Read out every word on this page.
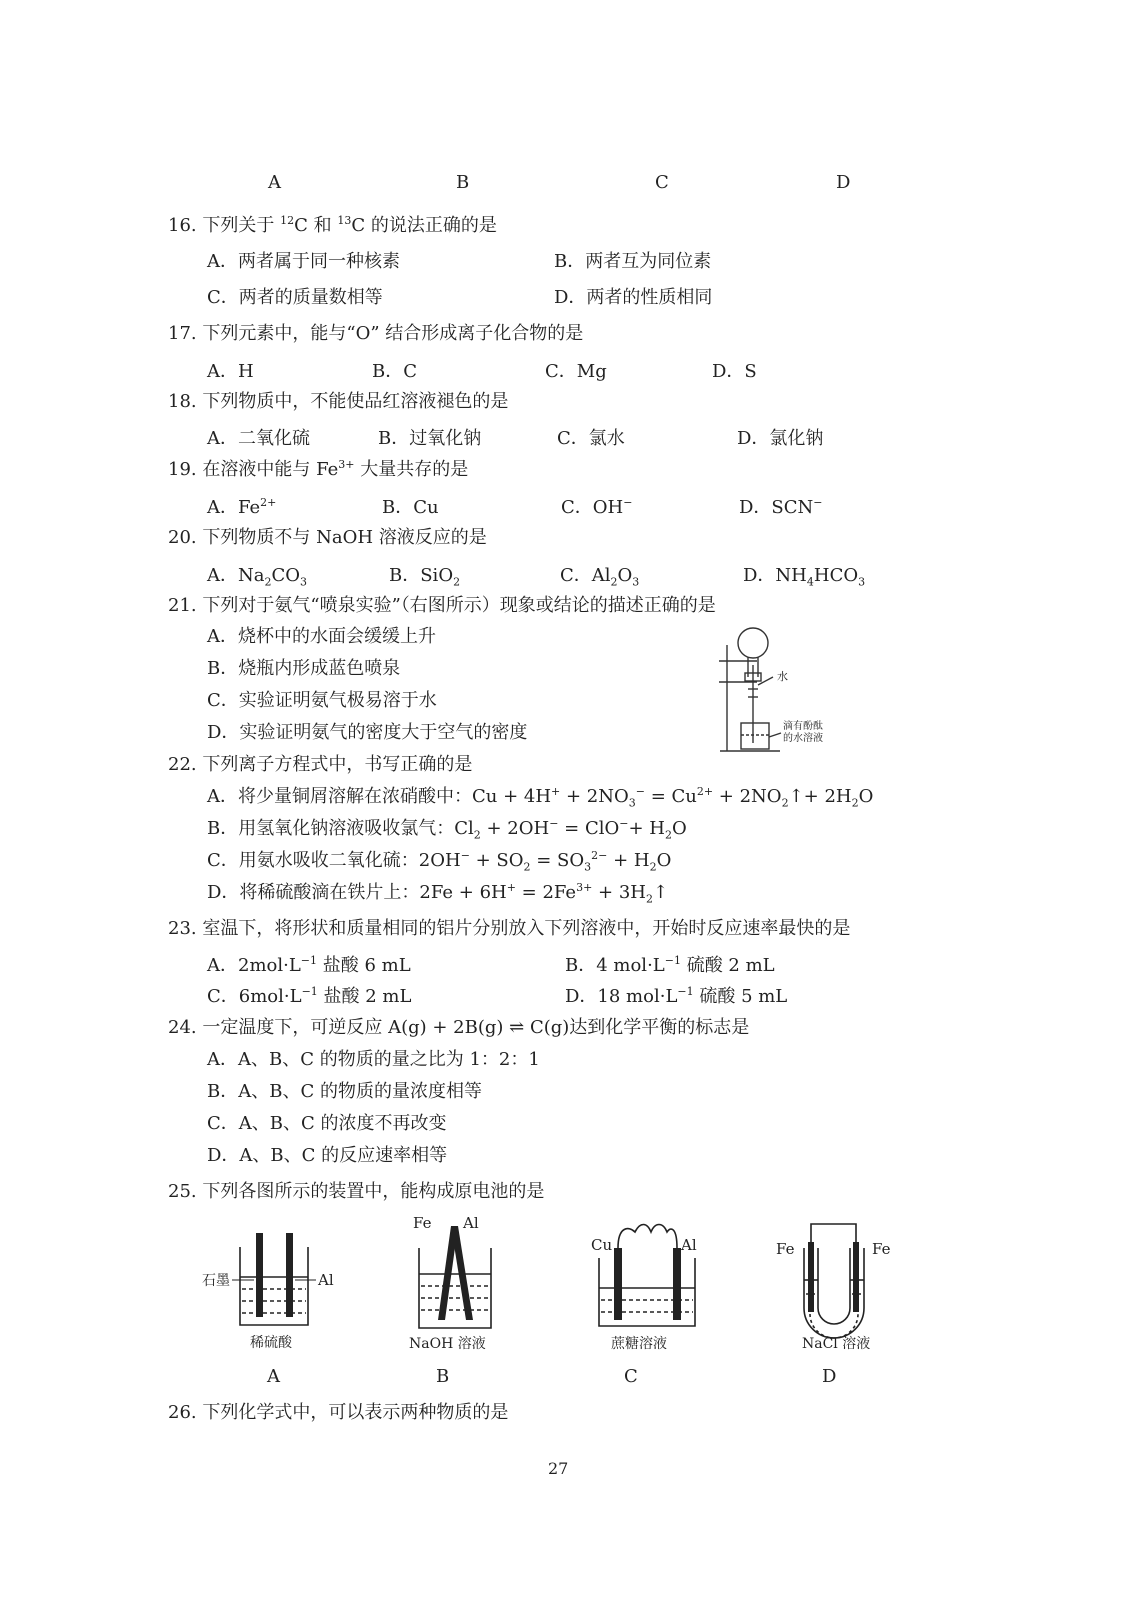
A	B	C	D
16. 下列关于 $^{12}$C 和 $^{13}$C 的说法正确的是
A．两者属于同一种核素	B．两者互为同位素
C．两者的质量数相等	D．两者的性质相同
17. 下列元素中，能与“O” 结合形成离子化合物的是
A．H	B．C	C．Mg	D．S
18. 下列物质中，不能使品红溶液褪色的是
A．二氧化硫	B．过氧化钠	C．氯水	D．氯化钠
19. 在溶液中能与 $Fe^{3+}$ 大量共存的是
A．$Fe^{2+}$	B．Cu	C．OH−	D．SCN−
20. 下列物质不与 NaOH 溶液反应的是
A．$Na_2CO_3$	B．SiO$_2$	C．$Al_2O_3$	D．$NH_4HCO_3$
21. 下列对于氨气“喷泉实验”（右图所示）现象或结论的描述正确的是
A．烧杯中的水面会缓缓上升
B．烧瓶内形成蓝色喷泉
C．实验证明氨气极易溶于水
D．实验证明氨气的密度大于空气的密度
水
滴有酚酞
的水溶液
22. 下列离子方程式中，书写正确的是
A．将少量铜屑溶解在浓硝酸中：$Cu + 4H^+ + 2NO_3^- = Cu^{2+}$ + $2NO_2↑+ 2H_2O$
B．用氢氧化钠溶液吸收氯气：$Cl_2 + 2OH^- = ClO^-+ H_2O$
C．用氨水吸收二氧化硫：$2OH^- + SO_2 = SO_3^{2-} + H_2O$
D．将稀硫酸滴在铁片上：$2Fe + 6H^+ = 2Fe^{3+}$ + $3H_2↑$
23. 室温下，将形状和质量相同的铝片分别放入下列溶液中，开始时反应速率最快的是
A．$2mol\cdot L^{-1}$ 盐酸 6 mL	B．4 $mol\cdot L^{-1}$ 硫酸 2 mL
C．$6mol\cdot L^{-1}$ 盐酸 2 mL	D．18 $mol\cdot L^{-1}$ 硫酸 5 mL
24. 一定温度下，可逆反应 A(g) + 2B(g) ⇌ C(g)达到化学平衡的标志是
A．A、B、C 的物质的量之比为 1：2：1
B．A、B、C 的物质的量浓度相等
C．A、B、C 的浓度不再改变
D．A、B、C 的反应速率相等
25. 下列各图所示的装置中，能构成原电池的是
石墨	Al
稀硫酸
Fe Al
NaOH 溶液
Cu	Al
蔗糖溶液
Fe	Fe
NaCl 溶液
A	B	C	D
26. 下列化学式中，可以表示两种物质的是
27
